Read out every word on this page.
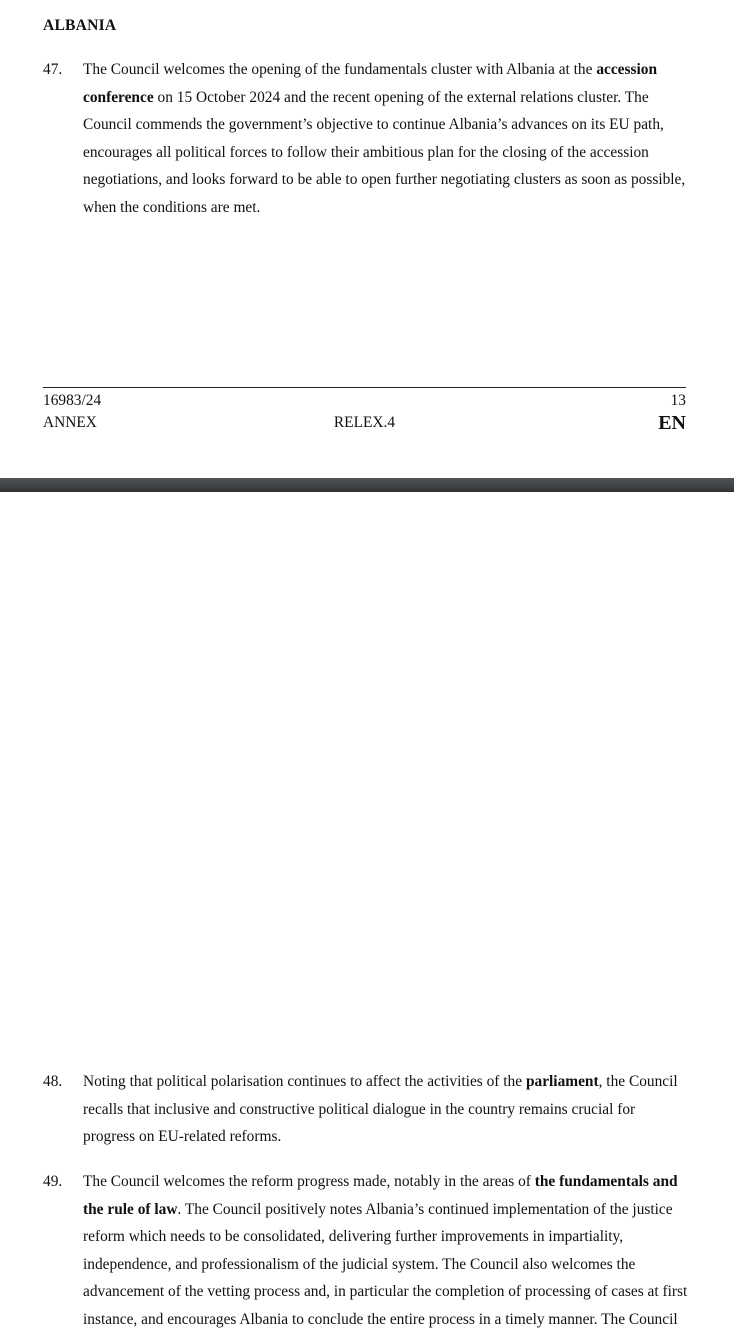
ALBANIA
47.	The Council welcomes the opening of the fundamentals cluster with Albania at the accession conference on 15 October 2024 and the recent opening of the external relations cluster. The Council commends the government’s objective to continue Albania’s advances on its EU path, encourages all political forces to follow their ambitious plan for the closing of the accession negotiations, and looks forward to be able to open further negotiating clusters as soon as possible, when the conditions are met.
16983/24	13
ANNEX	RELEX.4	EN
48.	Noting that political polarisation continues to affect the activities of the parliament, the Council recalls that inclusive and constructive political dialogue in the country remains crucial for progress on EU-related reforms.
49.	The Council welcomes the reform progress made, notably in the areas of the fundamentals and the rule of law. The Council positively notes Albania’s continued implementation of the justice reform which needs to be consolidated, delivering further improvements in impartiality, independence, and professionalism of the judicial system. The Council also welcomes the advancement of the vetting process and, in particular the completion of processing of cases at first instance, and encourages Albania to conclude the entire process in a timely manner. The Council
